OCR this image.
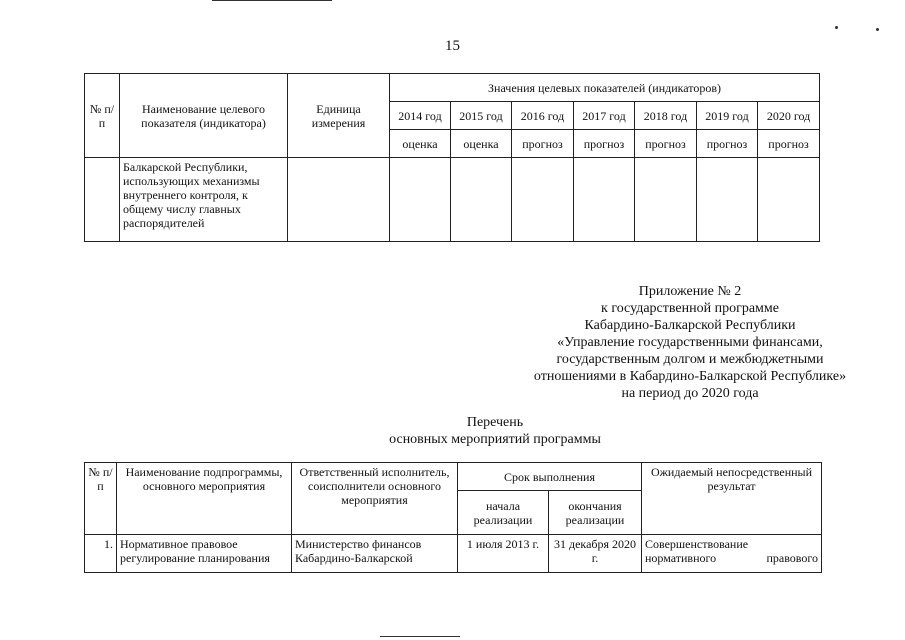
15
№ п/п	Наименование целевого показателя (индикатора)	Единица измерения	Значения целевых показателей (индикаторов)						
			2014 год	2015 год	2016 год	2017 год	2018 год	2019 год	2020 год
			оценка	оценка	прогноз	прогноз	прогноз	прогноз	прогноз
	Балкарской Республики, использующих механизмы внутреннего контроля, к общему числу главных распорядителей								
Приложение № 2
к государственной программе
Кабардино-Балкарской Республики
«Управление государственными финансами,
государственным долгом и межбюджетными
отношениями в Кабардино-Балкарской Республике»
на период до 2020 года
Перечень
основных мероприятий программы
№ п/п	Наименование подпрограммы, основного мероприятия	Ответственный исполнитель, соисполнители основного мероприятия	Срок выполнения		Ожидаемый непосредственный результат
			начала реализации	окончания реализации	
1.	Нормативное правовое регулирование планирования	Министерство финансов Кабардино-Балкарской	1 июля 2013 г.	31 декабря 2020 г.	Совершенствование
нормативного правового
